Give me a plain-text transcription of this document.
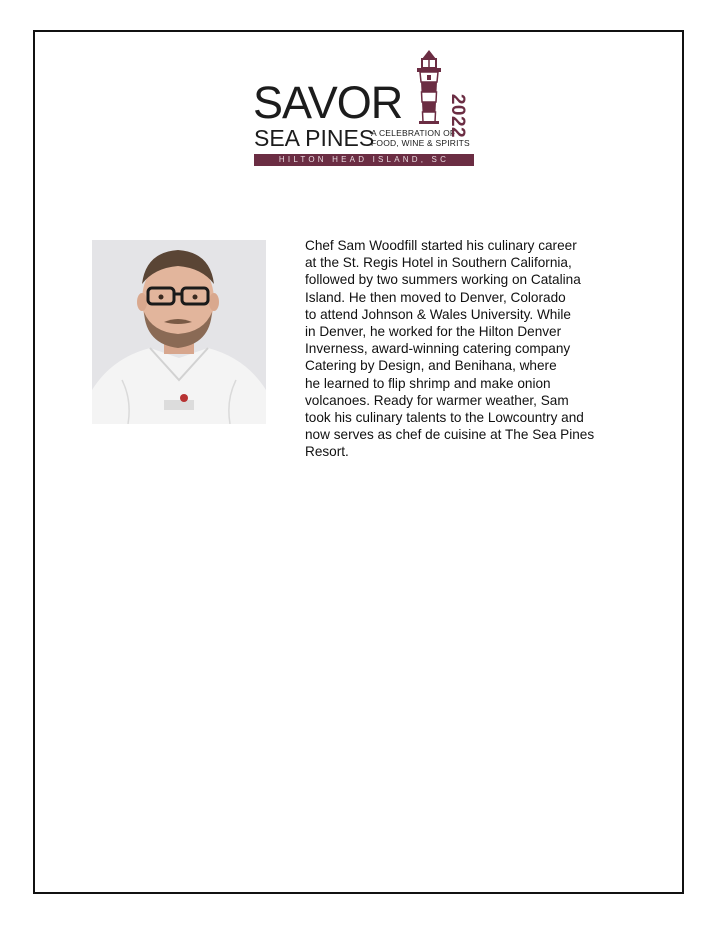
SAVOR
SEA PINES
A CELEBRATION OF
FOOD, WINE & SPIRITS
2022
HILTON HEAD ISLAND, SC
Chef Sam Woodfill started his culinary career
at the St. Regis Hotel in Southern California,
followed by two summers working on Catalina
Island. He then moved to Denver, Colorado
to attend Johnson & Wales University. While
in Denver, he worked for the Hilton Denver
Inverness, award-winning catering company
Catering by Design, and Benihana, where
he learned to flip shrimp and make onion
volcanoes. Ready for warmer weather, Sam
took his culinary talents to the Lowcountry and
now serves as chef de cuisine at The Sea Pines
Resort.
